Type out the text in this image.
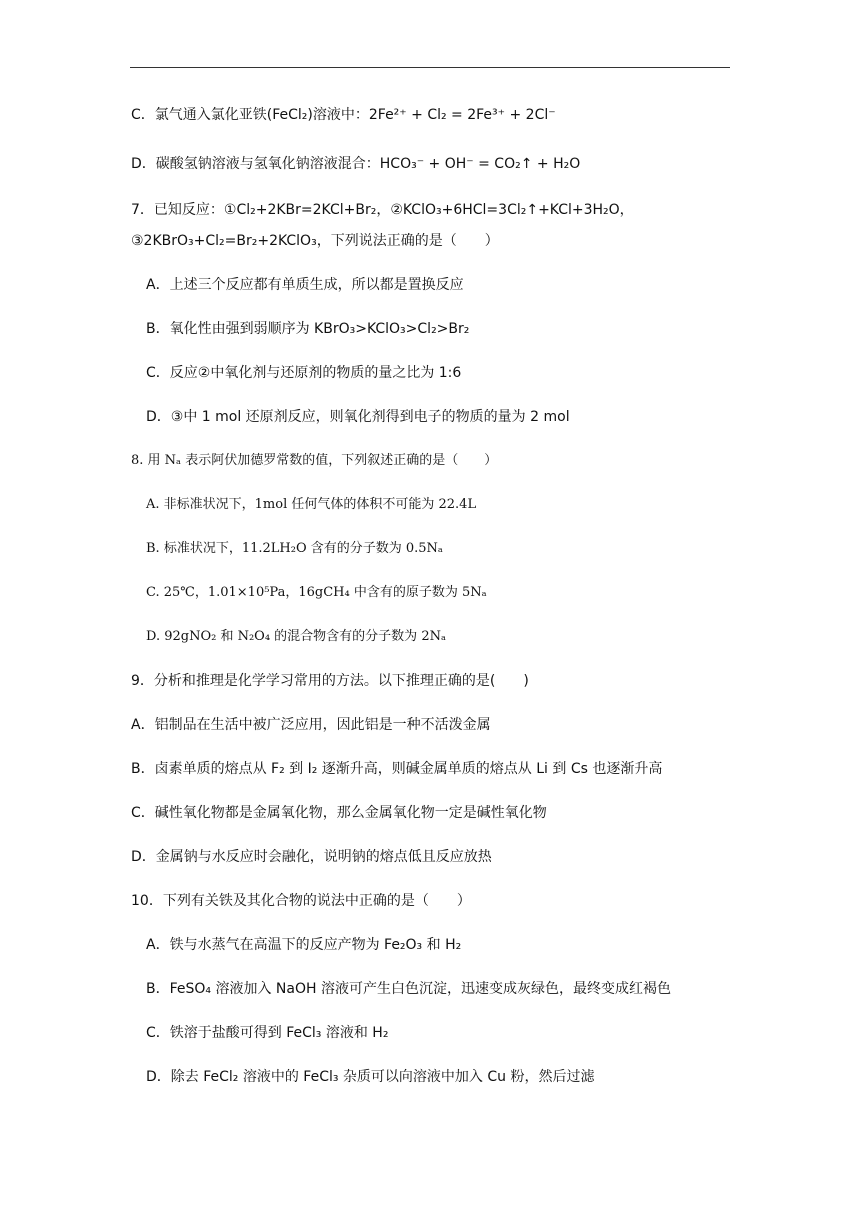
C．氯气通入氯化亚铁(FeCl₂)溶液中：2Fe²⁺ + Cl₂ = 2Fe³⁺ + 2Cl⁻
D．碳酸氢钠溶液与氢氧化钠溶液混合：HCO₃⁻ + OH⁻ = CO₂↑ + H₂O
7．已知反应：①Cl₂+2KBr=2KCl+Br₂，②KClO₃+6HCl=3Cl₂↑+KCl+3H₂O，
③2KBrO₃+Cl₂=Br₂+2KClO₃，下列说法正确的是（　　）
A．上述三个反应都有单质生成，所以都是置换反应
B．氧化性由强到弱顺序为 KBrO₃>KClO₃>Cl₂>Br₂
C．反应②中氧化剂与还原剂的物质的量之比为 1:6
D．③中 1 mol 还原剂反应，则氧化剂得到电子的物质的量为 2 mol
8. 用 Nₐ 表示阿伏加德罗常数的值，下列叙述正确的是（　　）
A. 非标准状况下，1mol 任何气体的体积不可能为 22.4L
B. 标准状况下，11.2LH₂O 含有的分子数为 0.5Nₐ
C. 25℃，1.01×10⁵Pa，16gCH₄ 中含有的原子数为 5Nₐ
D. 92gNO₂ 和 N₂O₄ 的混合物含有的分子数为 2Nₐ
9．分析和推理是化学学习常用的方法。以下推理正确的是(　　)
A．铝制品在生活中被广泛应用，因此铝是一种不活泼金属
B．卤素单质的熔点从 F₂ 到 I₂ 逐渐升高，则碱金属单质的熔点从 Li 到 Cs 也逐渐升高
C．碱性氧化物都是金属氧化物，那么金属氧化物一定是碱性氧化物
D．金属钠与水反应时会融化，说明钠的熔点低且反应放热
10．下列有关铁及其化合物的说法中正确的是（　　）
A．铁与水蒸气在高温下的反应产物为 Fe₂O₃ 和 H₂
B．FeSO₄ 溶液加入 NaOH 溶液可产生白色沉淀，迅速变成灰绿色，最终变成红褐色
C．铁溶于盐酸可得到 FeCl₃ 溶液和 H₂
D．除去 FeCl₂ 溶液中的 FeCl₃ 杂质可以向溶液中加入 Cu 粉，然后过滤
